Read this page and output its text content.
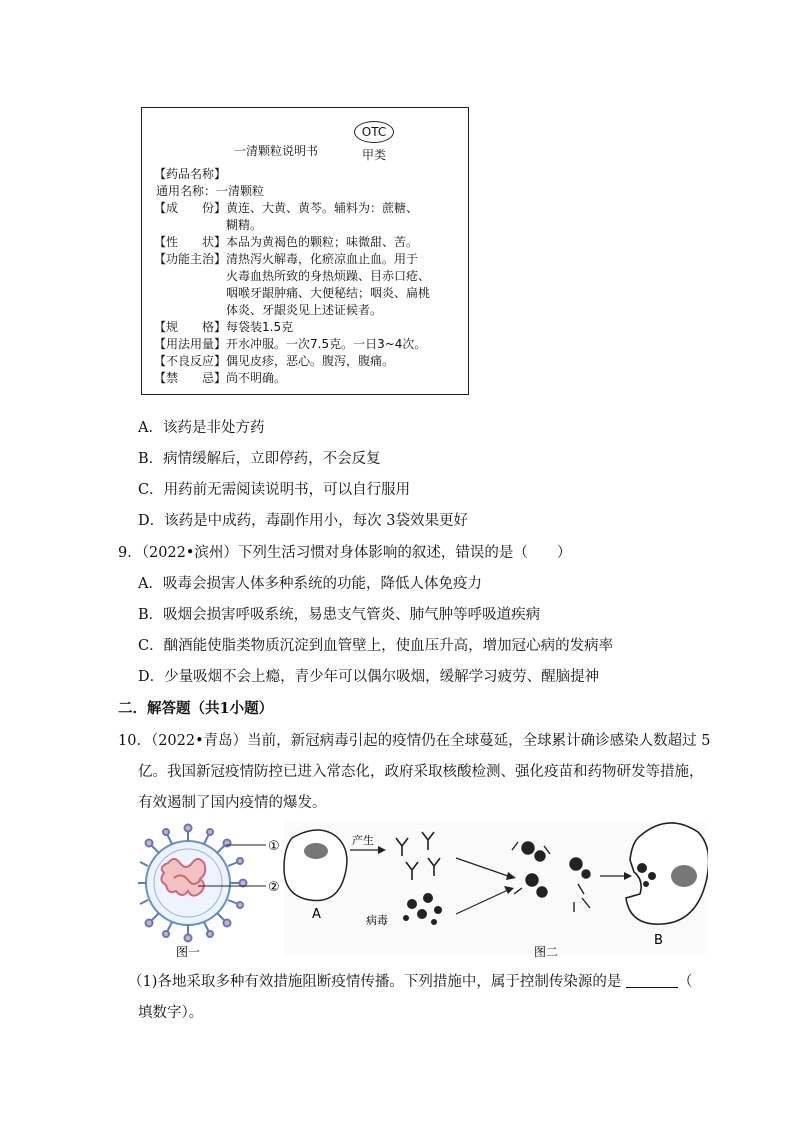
OTC
甲类
一清颗粒说明书
【药品名称】
通用名称：一清颗粒
【成　　份】 黄连、大黄、黄芩。辅料为：蔗糖、
糊精。
【性　　状】 本品为黄褐色的颗粒；味微甜、苦。
【功能主治】 清热泻火解毒，化瘀凉血止血。用于
火毒血热所致的身热烦躁、目赤口疮、
咽喉牙龈肿痛、大便秘结；咽炎、扁桃
体炎、牙龈炎见上述证候者。
【规　　格】 每袋装1.5克
【用法用量】 开水冲服。一次7.5克。一日3~4次。
【不良反应】 偶见皮疹，恶心。腹泻，腹痛。
【禁　　忌】 尚不明确。
A．该药是非处方药
B．病情缓解后，立即停药，不会反复
C．用药前无需阅读说明书，可以自行服用
D．该药是中成药，毒副作用小，每次 3袋效果更好
9．（2022•滨州）下列生活习惯对身体影响的叙述，错误的是（　　）
A．吸毒会损害人体多种系统的功能，降低人体免疫力
B．吸烟会损害呼吸系统，易患支气管炎、肺气肿等呼吸道疾病
C．酗酒能使脂类物质沉淀到血管壁上，使血压升高，增加冠心病的发病率
D．少量吸烟不会上瘾，青少年可以偶尔吸烟，缓解学习疲劳、醒脑提神
二．解答题（共1小题）
10．（2022•青岛）当前，新冠病毒引起的疫情仍在全球蔓延，全球累计确诊感染人数超过 5
亿。我国新冠疫情防控已进入常态化，政府采取核酸检测、强化疫苗和药物研发等措施，
有效遏制了国内疫情的爆发。
①
②
图一
A
产生
病毒
B
图二
（1)各地采取多种有效措施阻断疫情传播。下列措施中，属于控制传染源的是	（
填数字）。
